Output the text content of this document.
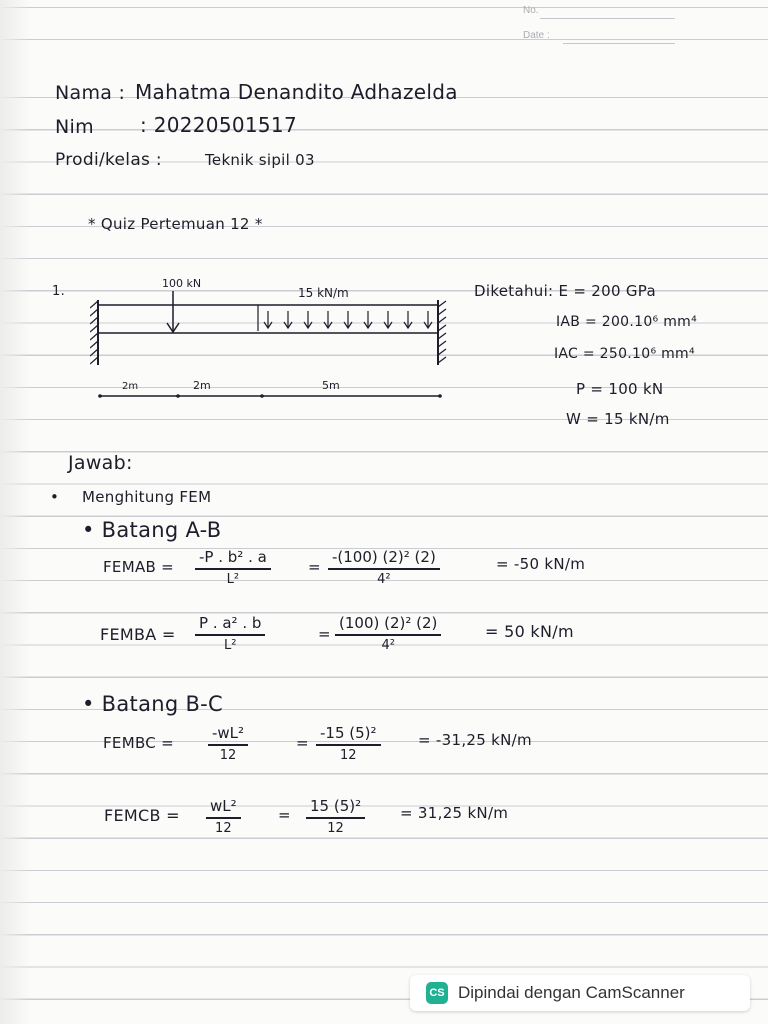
No.
Date :
Nama : Mahatma Denandito Adhazelda
Nim : 20220501517
Prodi/kelas :	Teknik sipil 03
* Quiz Pertemuan 12 *
1.
100 kN
15 kN/m
2m	2m	5m
Diketahui: E = 200 GPa
IAB = 200.10⁶ mm⁴
IAC = 250.10⁶ mm⁴
P = 100 kN
W = 15 kN/m
Jawab:
• Menghitung FEM
• Batang A-B
FEMAB =
-P . b² . a
L²
=
-(100) (2)² (2)
4²
= -50 kN/m
FEMBA =
P . a² . b
L²
=
(100) (2)² (2)
4²
= 50 kN/m
• Batang B-C
FEMBC =
-wL²
12
=
-15 (5)²
12
= -31,25 kN/m
FEMCB = wL²
12
= 15 (5)²
12
= 31,25 kN/m
CS Dipindai dengan CamScanner
